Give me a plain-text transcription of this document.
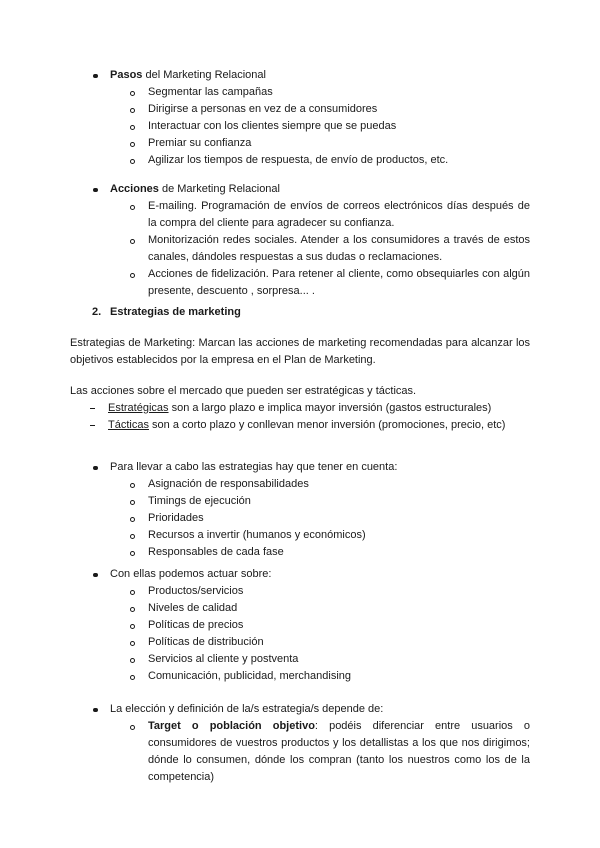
Pasos del Marketing Relacional
Segmentar las campañas
Dirigirse a personas en vez de a consumidores
Interactuar con los clientes siempre que se puedas
Premiar su confianza
Agilizar los tiempos de respuesta, de envío de productos, etc.
Acciones de Marketing Relacional
E-mailing. Programación de envíos de correos electrónicos días después de la compra del cliente para agradecer su confianza.
Monitorización redes sociales. Atender a los consumidores a través de estos canales, dándoles respuestas a sus dudas o reclamaciones.
Acciones de fidelización. Para retener al cliente, como obsequiarles con algún presente, descuento , sorpresa... .
2. Estrategias de marketing
Estrategias de Marketing: Marcan las acciones de marketing recomendadas para alcanzar los objetivos establecidos por la empresa en el Plan de Marketing.
Las acciones sobre el mercado que pueden ser estratégicas y tácticas.
Estratégicas son a largo plazo e implica mayor inversión (gastos estructurales)
Tácticas son a corto plazo y conllevan menor inversión (promociones, precio, etc)
Para llevar a cabo las estrategias hay que tener en cuenta:
Asignación de responsabilidades
Timings de ejecución
Prioridades
Recursos a invertir (humanos y económicos)
Responsables de cada fase
Con ellas podemos actuar sobre:
Productos/servicios
Niveles de calidad
Políticas de precios
Políticas de distribución
Servicios al cliente y postventa
Comunicación, publicidad, merchandising
La elección y definición de la/s estrategia/s depende de:
Target o población objetivo: podéis diferenciar entre usuarios o consumidores de vuestros productos y los detallistas a los que nos dirigimos; dónde lo consumen, dónde los compran (tanto los nuestros como los de la competencia)
